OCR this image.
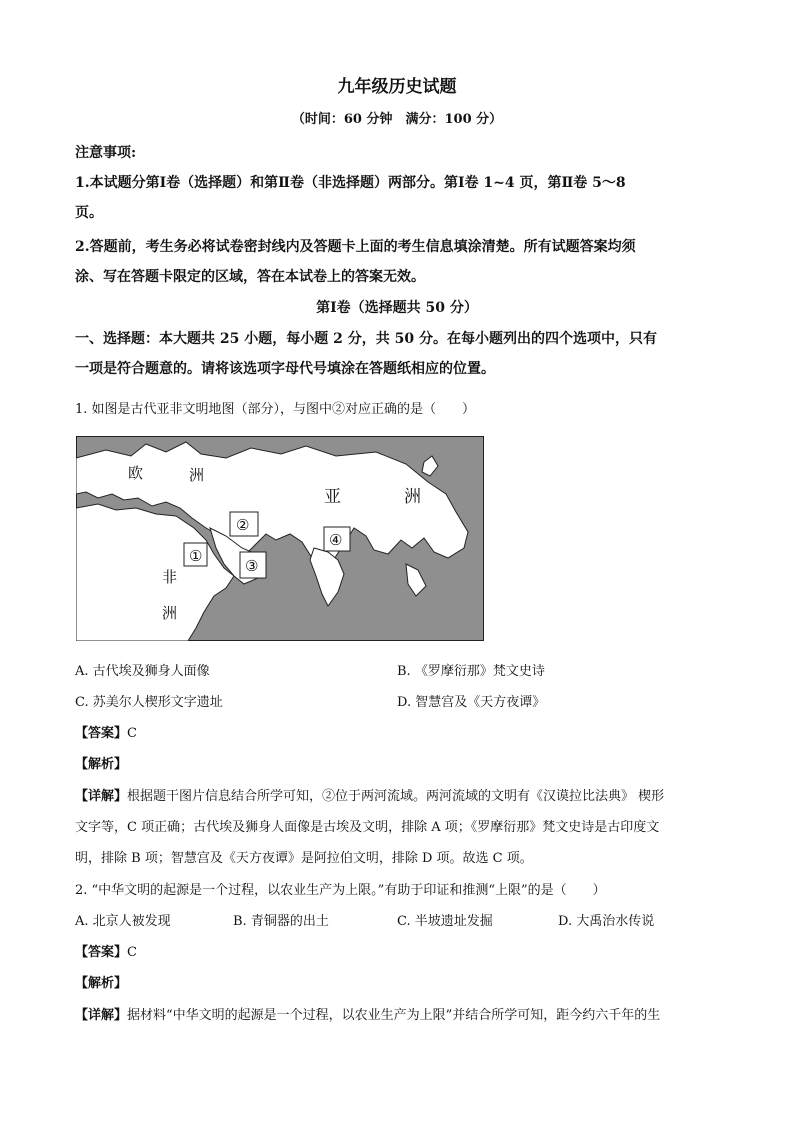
九年级历史试题
（时间：60 分钟　满分：100 分）
注意事项:
1.本试题分第Ⅰ卷（选择题）和第Ⅱ卷（非选择题）两部分。第Ⅰ卷 1~4 页，第Ⅱ卷 5～8
页。
2.答题前，考生务必将试卷密封线内及答题卡上面的考生信息填涂清楚。所有试题答案均须
涂、写在答题卡限定的区域，答在本试卷上的答案无效。
第Ⅰ卷（选择题共 50 分）
一、选择题：本大题共 25 小题，每小题 2 分，共 50 分。在每小题列出的四个选项中，只有
一项是符合题意的。请将该选项字母代号填涂在答题纸相应的位置。
1. 如图是古代亚非文明地图（部分），与图中②对应正确的是（　　）
欧	洲
亚	洲
非
洲
①
②
③
④
A. 古代埃及狮身人面像	B. 《罗摩衍那》梵文史诗
C. 苏美尔人楔形文字遗址	D. 智慧宫及《天方夜谭》
【答案】C
【解析】
【详解】根据题干图片信息结合所学可知，②位于两河流域。两河流域的文明有《汉谟拉比法典》 楔形
文字等，C 项正确；古代埃及狮身人面像是古埃及文明，排除 A 项；《罗摩衍那》梵文史诗是古印度文
明，排除 B 项；智慧宫及《天方夜谭》是阿拉伯文明，排除 D 项。故选 C 项。
2. “中华文明的起源是一个过程，以农业生产为上限。”有助于印证和推测“上限”的是（　　）
A. 北京人被发现	B. 青铜器的出土	C. 半坡遗址发掘	D. 大禹治水传说
【答案】C
【解析】
【详解】据材料“中华文明的起源是一个过程，以农业生产为上限”并结合所学可知，距今约六千年的生
